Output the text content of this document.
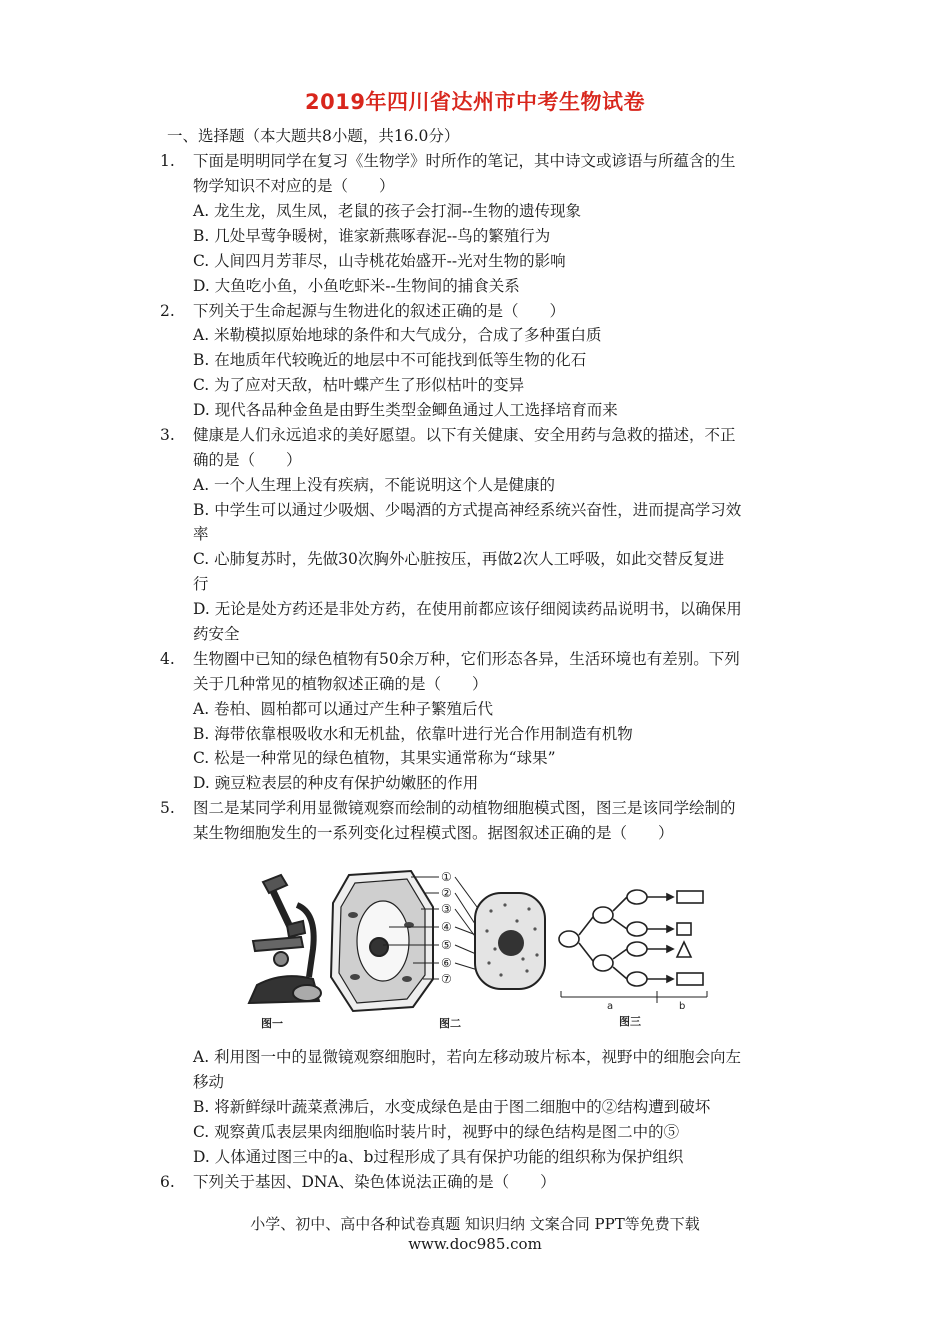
2019年四川省达州市中考生物试卷
一、选择题（本大题共8小题，共16.0分）
1. 下面是明明同学在复习《生物学》时所作的笔记，其中诗文或谚语与所蕴含的生
物学知识不对应的是（　　）
A. 龙生龙，凤生凤，老鼠的孩子会打洞--生物的遗传现象
B. 几处早莺争暖树，谁家新燕啄春泥--鸟的繁殖行为
C. 人间四月芳菲尽，山寺桃花始盛开--光对生物的影响
D. 大鱼吃小鱼，小鱼吃虾米--生物间的捕食关系
2. 下列关于生命起源与生物进化的叙述正确的是（　　）
A. 米勒模拟原始地球的条件和大气成分，合成了多种蛋白质
B. 在地质年代较晚近的地层中不可能找到低等生物的化石
C. 为了应对天敌，枯叶蝶产生了形似枯叶的变异
D. 现代各品种金鱼是由野生类型金鲫鱼通过人工选择培育而来
3. 健康是人们永远追求的美好愿望。以下有关健康、安全用药与急救的描述，不正
确的是（　　）
A. 一个人生理上没有疾病，不能说明这个人是健康的
B. 中学生可以通过少吸烟、少喝酒的方式提高神经系统兴奋性，进而提高学习效
率
C. 心肺复苏时，先做30次胸外心脏按压，再做2次人工呼吸，如此交替反复进
行
D. 无论是处方药还是非处方药，在使用前都应该仔细阅读药品说明书，以确保用
药安全
4. 生物圈中已知的绿色植物有50余万种，它们形态各异，生活环境也有差别。下列
关于几种常见的植物叙述正确的是（　　）
A. 卷柏、圆柏都可以通过产生种子繁殖后代
B. 海带依靠根吸收水和无机盐，依靠叶进行光合作用制造有机物
C. 松是一种常见的绿色植物，其果实通常称为“球果”
D. 豌豆粒表层的种皮有保护幼嫩胚的作用
5. 图二是某同学利用显微镜观察而绘制的动植物细胞模式图，图三是该同学绘制的
某生物细胞发生的一系列变化过程模式图。据图叙述正确的是（　　）
图一
①
②
③
④
⑤
⑥
⑦
图二
a	b
图三
A. 利用图一中的显微镜观察细胞时，若向左移动玻片标本，视野中的细胞会向左
移动
B. 将新鲜绿叶蔬菜煮沸后，水变成绿色是由于图二细胞中的②结构遭到破坏
C. 观察黄瓜表层果肉细胞临时装片时，视野中的绿色结构是图二中的⑤
D. 人体通过图三中的a、b过程形成了具有保护功能的组织称为保护组织
6. 下列关于基因、DNA、染色体说法正确的是（　　）
小学、初中、高中各种试卷真题 知识归纳 文案合同 PPT等免费下载
www.doc985.com
